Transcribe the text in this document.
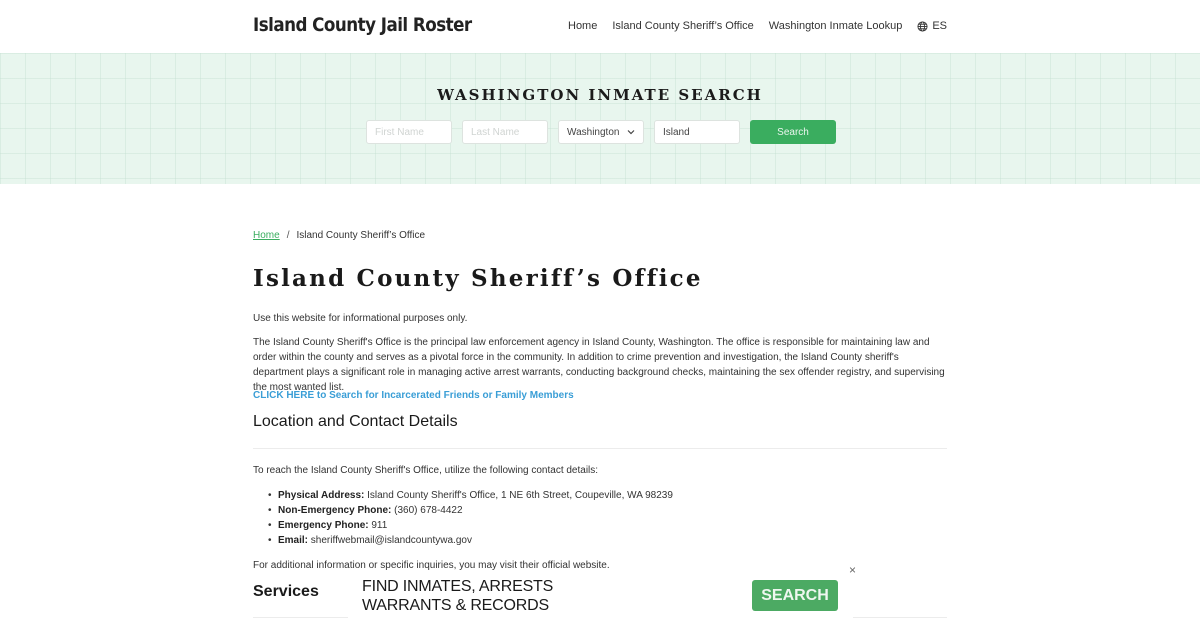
Island County Jail Roster	Home Island County Sheriff’s Office Washington Inmate Lookup	ES
WASHINGTON INMATE SEARCH
First Name	Last Name	Washington	Island	Search
Home / Island County Sheriff’s Office
Island County Sheriff’s Office

Use this website for informational purposes only.

The Island County Sheriff's Office is the principal law enforcement agency in Island County, Washington. The office is responsible for maintaining law and order within the county and serves as a pivotal force in the community. In addition to crime prevention and investigation, the Island County sheriff's department plays a significant role in managing active arrest warrants, conducting background checks, maintaining the sex offender registry, and supervising the most wanted list.

CLICK HERE to Search for Incarcerated Friends or Family Members
Location and Contact Details

To reach the Island County Sheriff's Office, utilize the following contact details:

• Physical Address: Island County Sheriff's Office, 1 NE 6th Street, Coupeville, WA 98239
• Non-Emergency Phone: (360) 678-4422
• Emergency Phone: 911
• Email: sheriffwebmail@islandcountywa.gov

For additional information or specific inquiries, you may visit their official website.

Services	FIND INMATES, ARRESTS
WARRANTS & RECORDS
SEARCH
×
